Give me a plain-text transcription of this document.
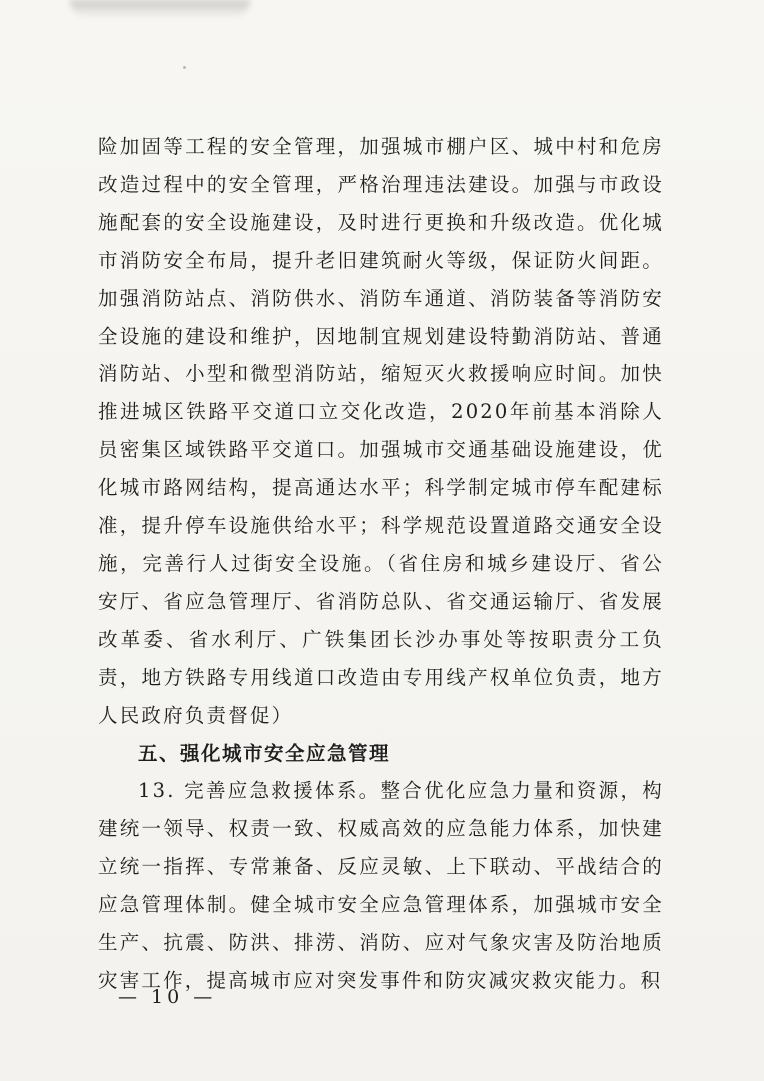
险加固等工程的安全管理，加强城市棚户区、城中村和危房改造过程中的安全管理，严格治理违法建设。加强与市政设施配套的安全设施建设，及时进行更换和升级改造。优化城市消防安全布局，提升老旧建筑耐火等级，保证防火间距。加强消防站点、消防供水、消防车通道、消防装备等消防安全设施的建设和维护，因地制宜规划建设特勤消防站、普通消防站、小型和微型消防站，缩短灭火救援响应时间。加快推进城区铁路平交道口立交化改造，2020年前基本消除人员密集区域铁路平交道口。加强城市交通基础设施建设，优化城市路网结构，提高通达水平；科学制定城市停车配建标准，提升停车设施供给水平；科学规范设置道路交通安全设施，完善行人过街安全设施。（省住房和城乡建设厅、省公安厅、省应急管理厅、省消防总队、省交通运输厅、省发展改革委、省水利厅、广铁集团长沙办事处等按职责分工负责，地方铁路专用线道口改造由专用线产权单位负责，地方人民政府负责督促）

五、强化城市安全应急管理

13. 完善应急救援体系。整合优化应急力量和资源，构建统一领导、权责一致、权威高效的应急能力体系，加快建立统一指挥、专常兼备、反应灵敏、上下联动、平战结合的应急管理体制。健全城市安全应急管理体系，加强城市安全生产、抗震、防洪、排涝、消防、应对气象灾害及防治地质灾害工作，提高城市应对突发事件和防灾减灾救灾能力。积

— 10 —
